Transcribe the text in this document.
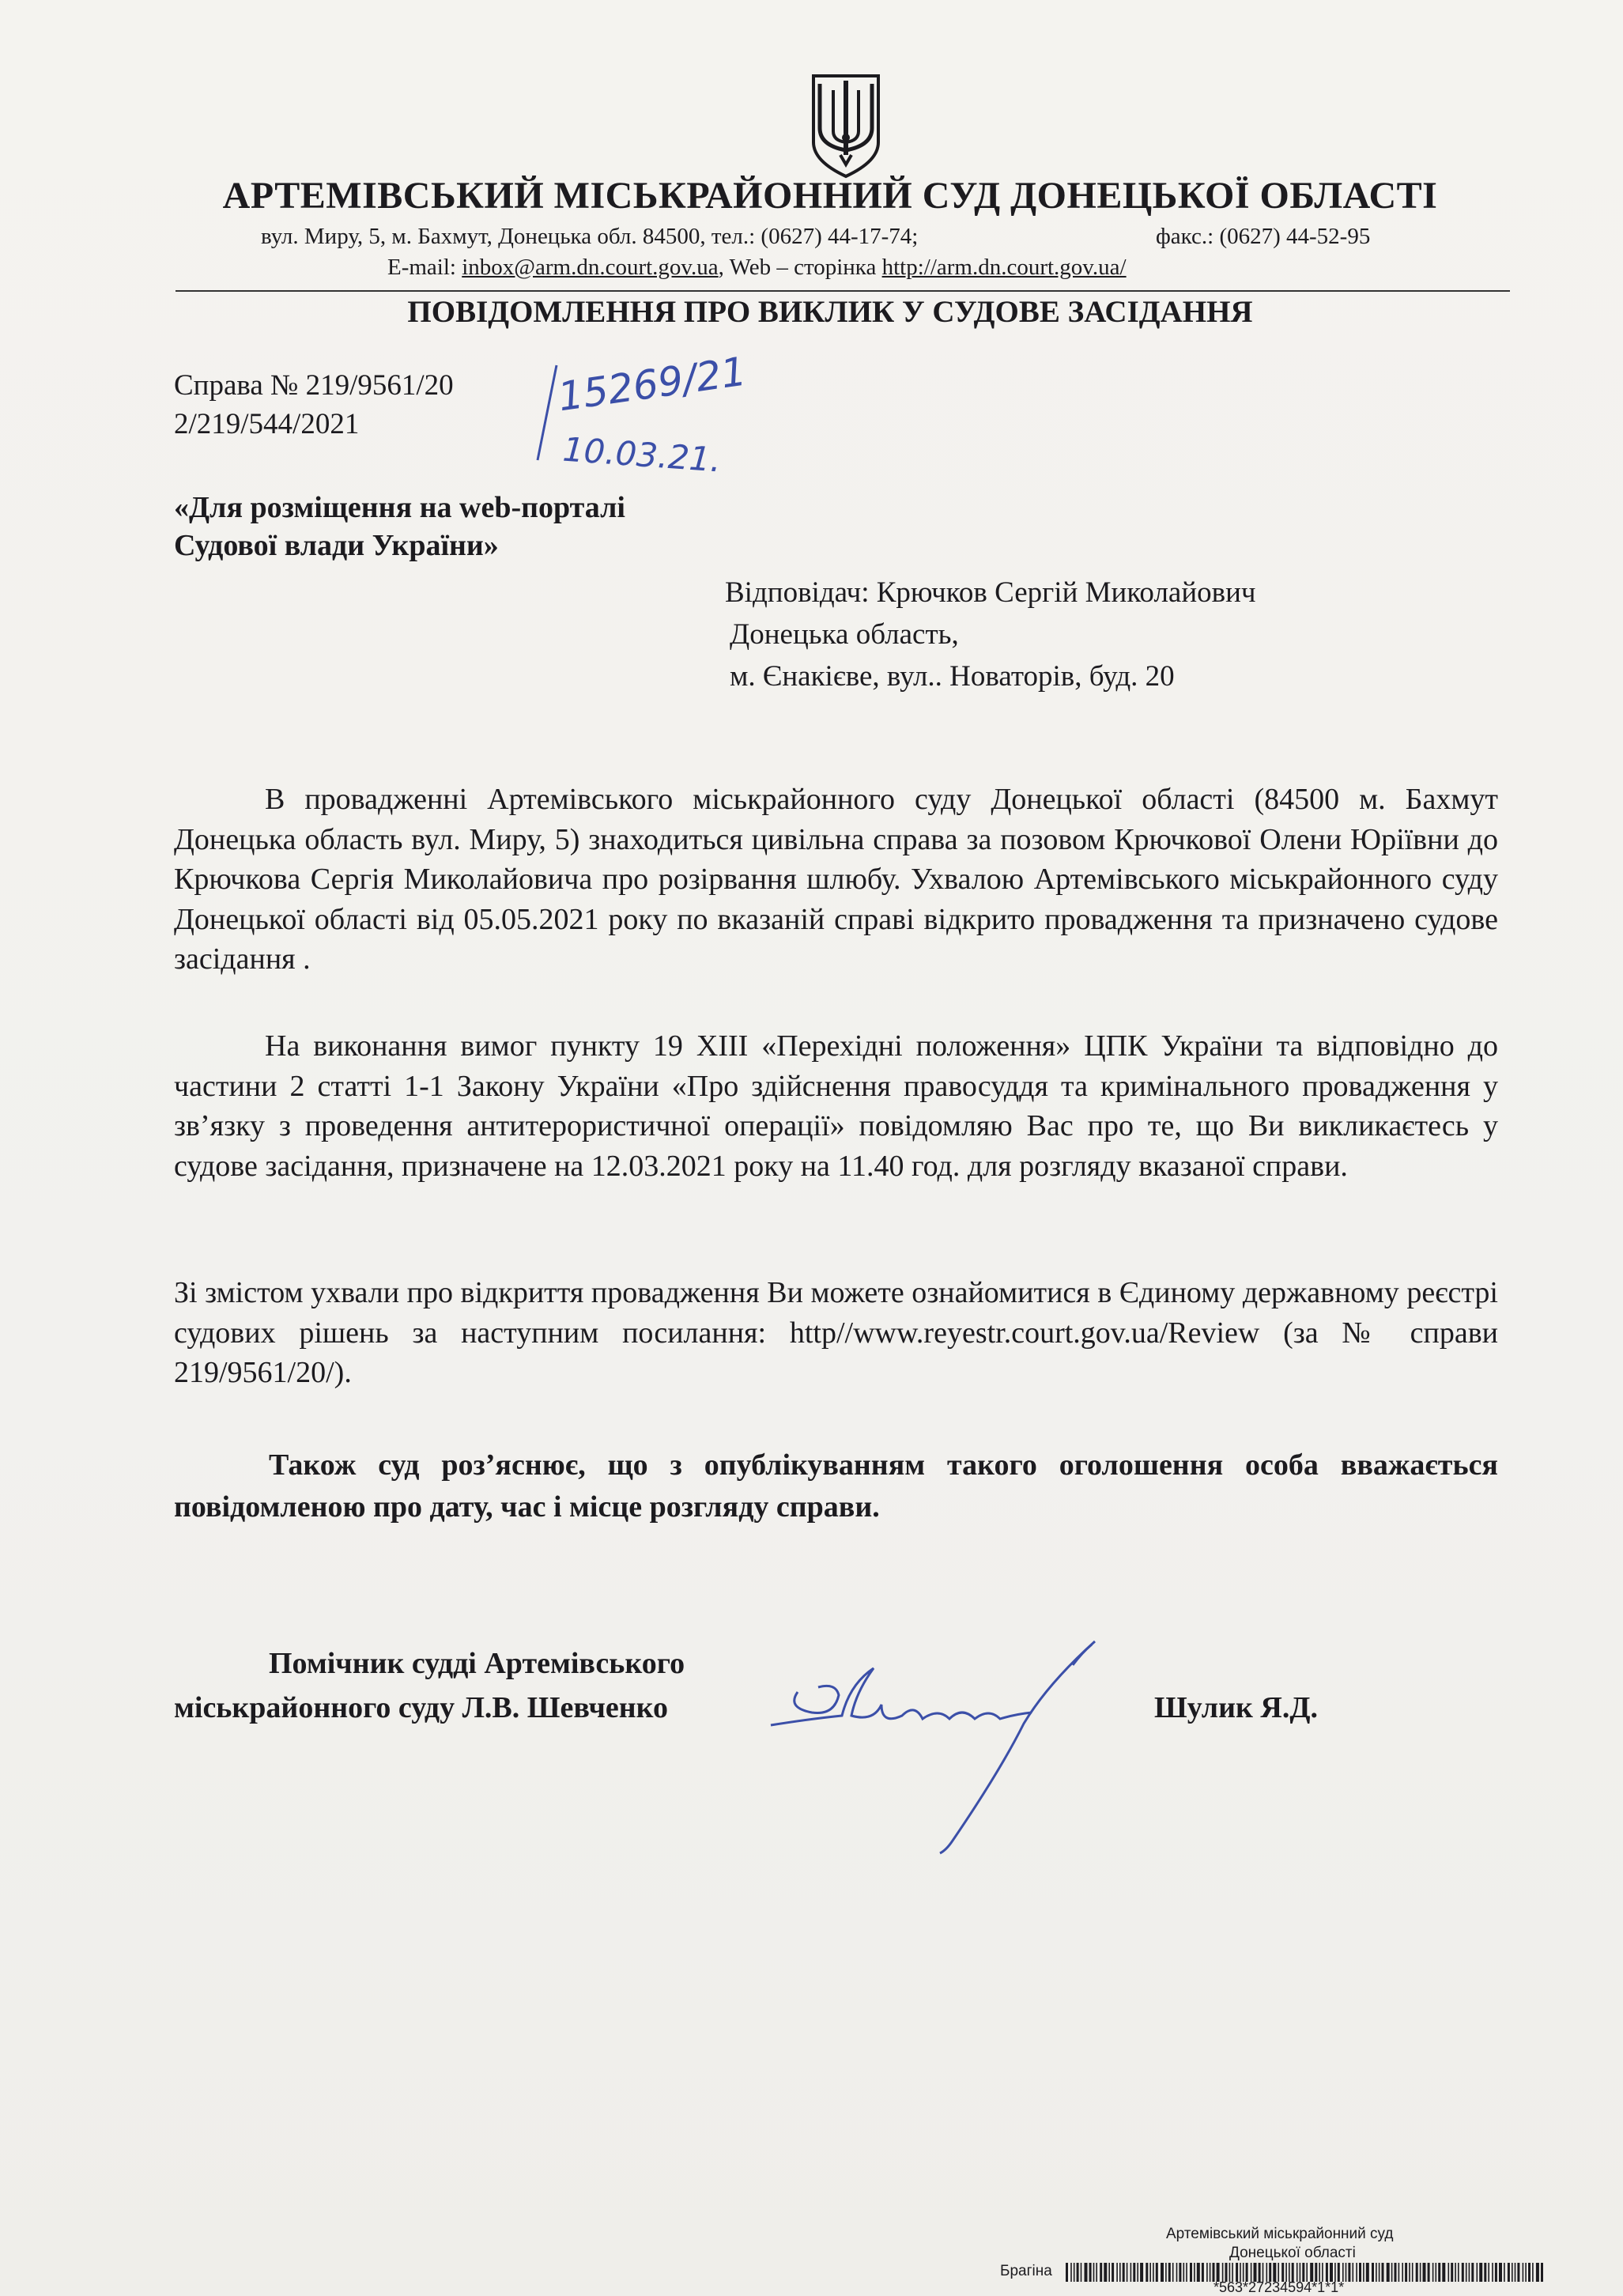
АРТЕМІВСЬКИЙ МІСЬКРАЙОННИЙ СУД ДОНЕЦЬКОЇ ОБЛАСТІ
вул. Миру, 5, м. Бахмут, Донецька обл. 84500, тел.: (0627) 44-17-74;	факс.: (0627) 44-52-95
E-mail: inbox@arm.dn.court.gov.ua, Web – сторінка http://arm.dn.court.gov.ua/
ПОВІДОМЛЕННЯ ПРО ВИКЛИК У СУДОВЕ ЗАСІДАННЯ
Справа № 219/9561/20
2/219/544/2021
15269/21
10.03.21.
«Для розміщення на web-порталі
Судової влади України»
Відповідач: Крючков Сергій Миколайович
Донецька область,
м. Єнакієве, вул.. Новаторів, буд. 20

В провадженні Артемівського міськрайонного суду Донецької області (84500 м. Бахмут Донецька область вул. Миру, 5) знаходиться цивільна справа за позовом Крючкової Олени Юріївни до Крючкова Сергія Миколайовича про розірвання шлюбу. Ухвалою Артемівського міськрайонного суду Донецької області від 05.05.2021 року по вказаній справі відкрито провадження та призначено судове засідання .

На виконання вимог пункту 19 ХIII «Перехідні положення» ЦПК України та відповідно до частини 2 статті 1-1 Закону України «Про здійснення правосуддя та кримінального провадження у зв’язку з проведення антитерористичної операції» повідомляю Вас про те, що Ви викликаєтесь у судове засідання, призначене на 12.03.2021 року на 11.40 год. для розгляду вказаної справи.

Зі змістом ухвали про відкриття провадження Ви можете ознайомитися в Єдиному державному реєстрі судових рішень за наступним посилання: http//www.reyestr.court.gov.ua/Review (за № справи 219/9561/20/).

Також суд роз’яснює, що з опублікуванням такого оголошення особа вважається повідомленою про дату, час і місце розгляду справи.

Помічник судді Артемівського
міськрайонного суду Л.В. Шевченко	Шулик Я.Д.
Артемівський міськрайонний суд
Донецької області
Брагіна
*563*27234594*1*1*
